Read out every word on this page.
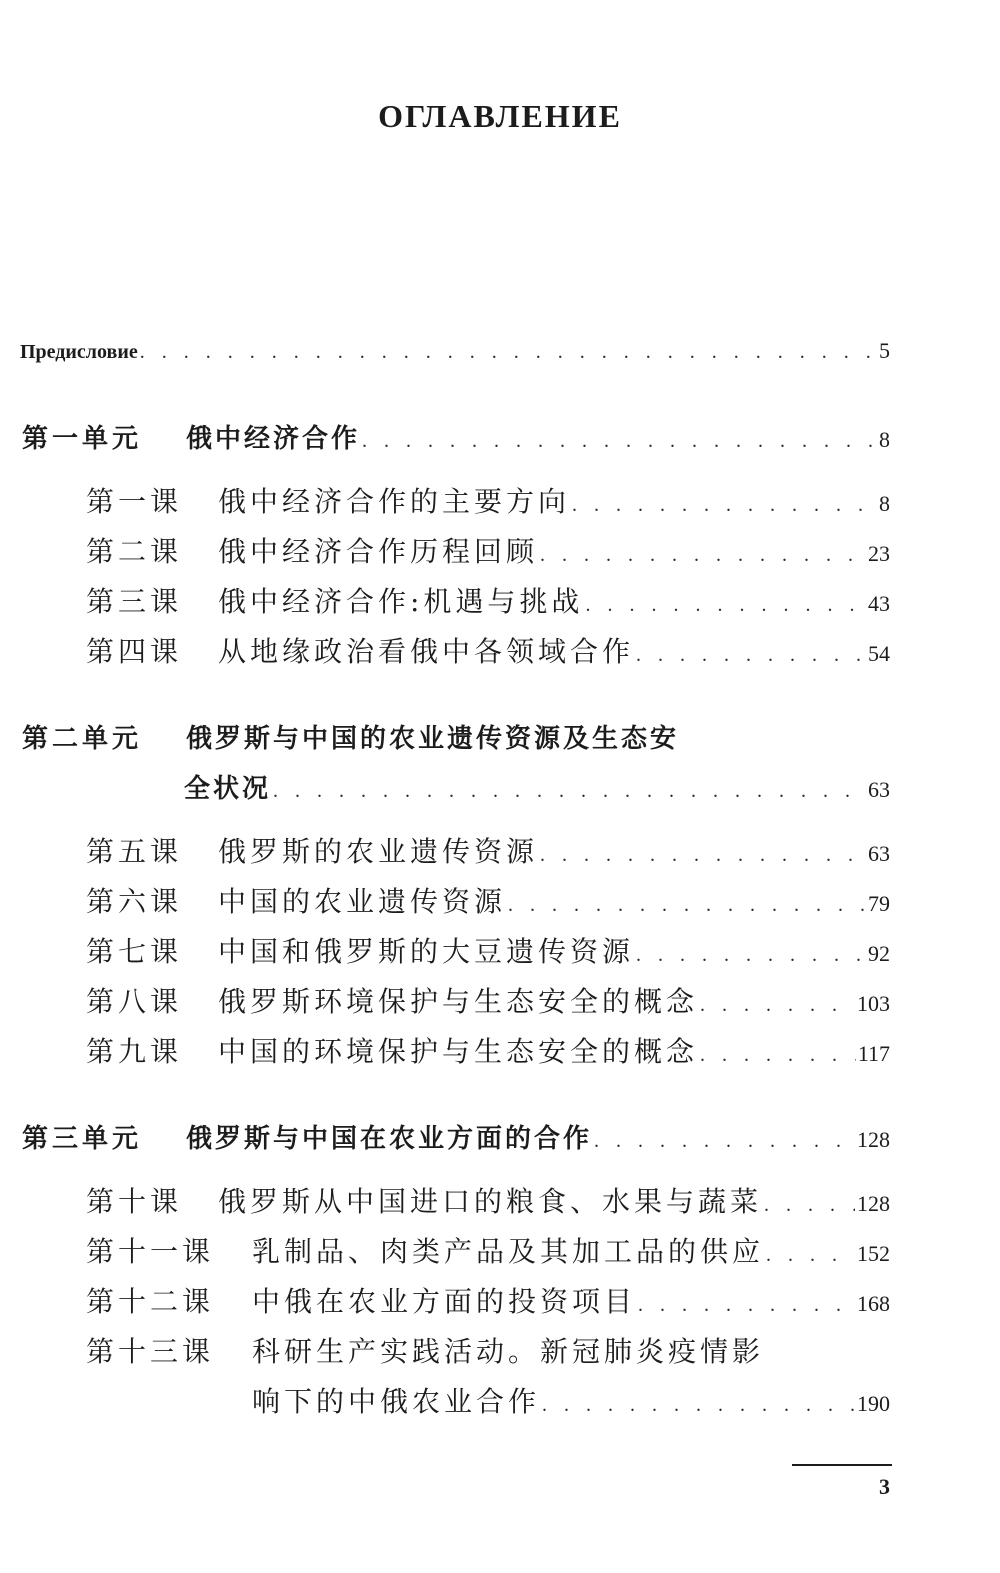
ОГЛАВЛЕНИЕ
Предисловие . . .	5
第一单元	俄中经济合作 . . .	8
第一课	俄中经济合作的主要方向 . . .	8
第二课	俄中经济合作历程回顾 . . .	23
第三课	俄中经济合作:机遇与挑战 . . .	43
第四课	从地缘政治看俄中各领域合作 . . .	54
第二单元	俄罗斯与中国的农业遗传资源及生态安
全状况 . . .	63
第五课	俄罗斯的农业遗传资源 . . .	63
第六课	中国的农业遗传资源 . . .	79
第七课	中国和俄罗斯的大豆遗传资源 . . .	92
第八课	俄罗斯环境保护与生态安全的概念 . . .	103
第九课	中国的环境保护与生态安全的概念 . . .	117
第三单元	俄罗斯与中国在农业方面的合作 . . .	128
第十课	俄罗斯从中国进口的粮食、水果与蔬菜 . . .	128
第十一课	乳制品、肉类产品及其加工品的供应 . . .	152
第十二课	中俄在农业方面的投资项目 . . .	168
第十三课	科研生产实践活动。新冠肺炎疫情影
响下的中俄农业合作 . . .	190
3
